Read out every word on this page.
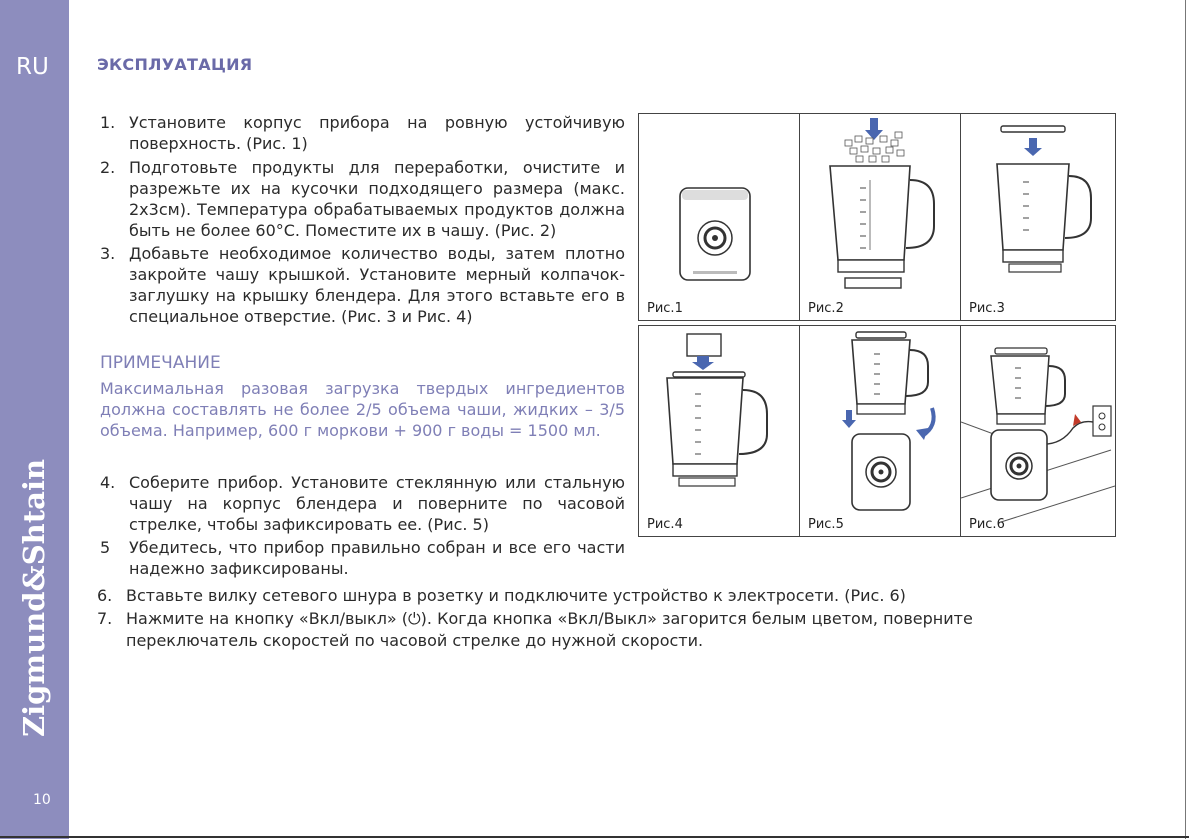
RU
Zigmund&Shtain
10
ЭКСПЛУАТАЦИЯ
1. Установите корпус прибора на ровную устойчивую поверхность. (Рис. 1)
2. Подготовьте продукты для переработки, очистите и разрежьте их на кусочки подходящего размера (макс. 2х3см). Температура обрабатываемых продуктов должна быть не более 60°С. Поместите их в чашу. (Рис. 2)
3. Добавьте необходимое количество воды, затем плотно закройте чашу крышкой. Установите мерный колпачок-заглушку на крышку блендера. Для этого вставьте его в специальное отверстие. (Рис. 3 и Рис. 4)
ПРИМЕЧАНИЕ
Максимальная разовая загрузка твердых ингредиентов должна составлять не более 2/5 объема чаши, жидких – 3/5 объема. Например, 600 г моркови + 900 г воды = 1500 мл.
4. Соберите прибор. Установите стеклянную или стальную чашу на корпус блендера и поверните по часовой стрелке, чтобы зафиксировать ее. (Рис. 5)
5 Убедитесь, что прибор правильно собран и все его части надежно зафиксированы.
6. Вставьте вилку сетевого шнура в розетку и подключите устройство к электросети. (Рис. 6)
7. Нажмите на кнопку «Вкл/выкл» (⏻). Когда кнопка «Вкл/Выкл» загорится белым цветом, поверните переключатель скоростей по часовой стрелке до нужной скорости.
Рис.1	Рис.2	Рис.3
Рис.4	Рис.5	Рис.6
